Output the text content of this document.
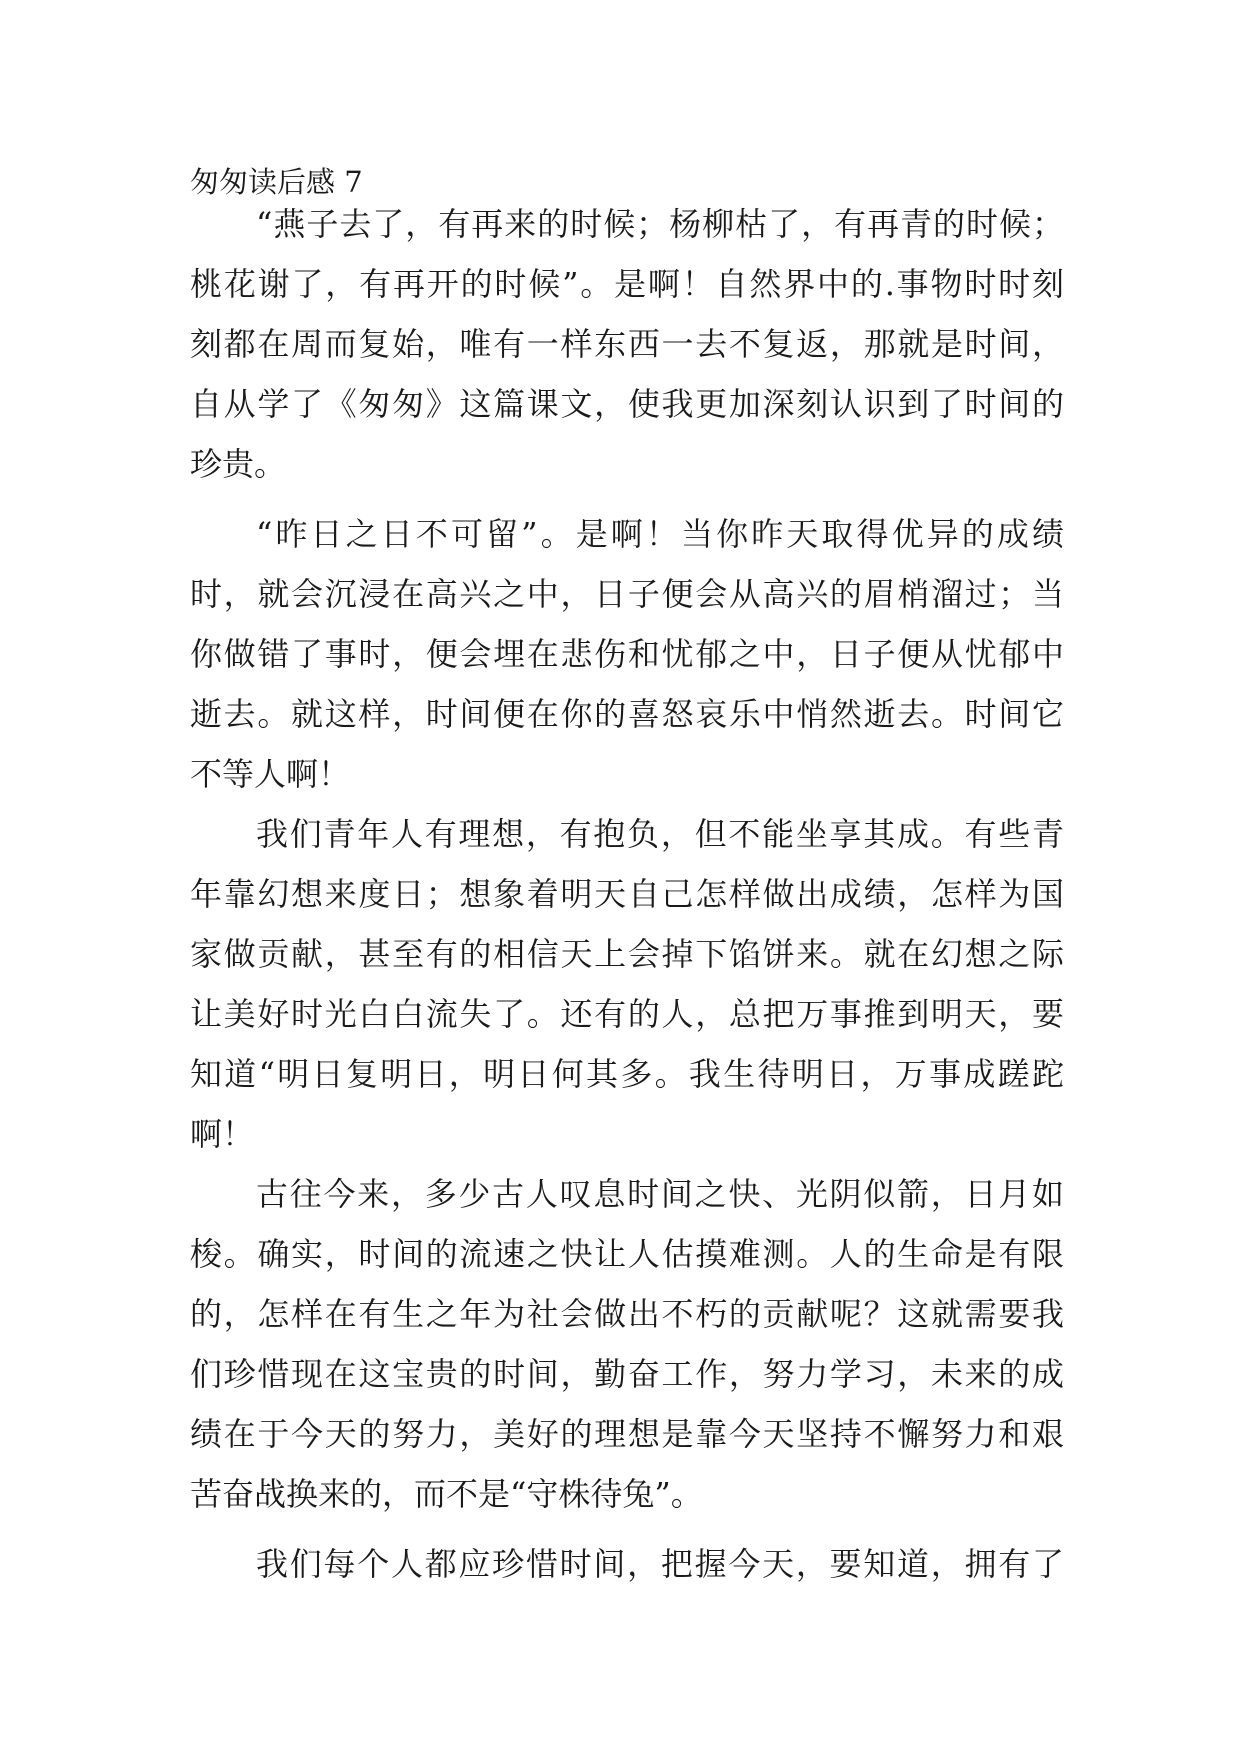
匆匆读后感 7
“燕子去了，有再来的时候；杨柳枯了，有再青的时候；
桃花谢了，有再开的时候”。是啊！自然界中的.事物时时刻
刻都在周而复始，唯有一样东西一去不复返，那就是时间，
自从学了《匆匆》这篇课文，使我更加深刻认识到了时间的
珍贵。
“昨日之日不可留”。是啊！当你昨天取得优异的成绩
时，就会沉浸在高兴之中，日子便会从高兴的眉梢溜过；当
你做错了事时，便会埋在悲伤和忧郁之中，日子便从忧郁中
逝去。就这样，时间便在你的喜怒哀乐中悄然逝去。时间它
不等人啊！
我们青年人有理想，有抱负，但不能坐享其成。有些青
年靠幻想来度日；想象着明天自己怎样做出成绩，怎样为国
家做贡献，甚至有的相信天上会掉下馅饼来。就在幻想之际
让美好时光白白流失了。还有的人，总把万事推到明天，要
知道“明日复明日，明日何其多。我生待明日，万事成蹉跎
啊！
古往今来，多少古人叹息时间之快、光阴似箭，日月如
梭。确实，时间的流速之快让人估摸难测。人的生命是有限
的，怎样在有生之年为社会做出不朽的贡献呢？这就需要我
们珍惜现在这宝贵的时间，勤奋工作，努力学习，未来的成
绩在于今天的努力，美好的理想是靠今天坚持不懈努力和艰
苦奋战换来的，而不是“守株待兔”。
我们每个人都应珍惜时间，把握今天，要知道，拥有了
